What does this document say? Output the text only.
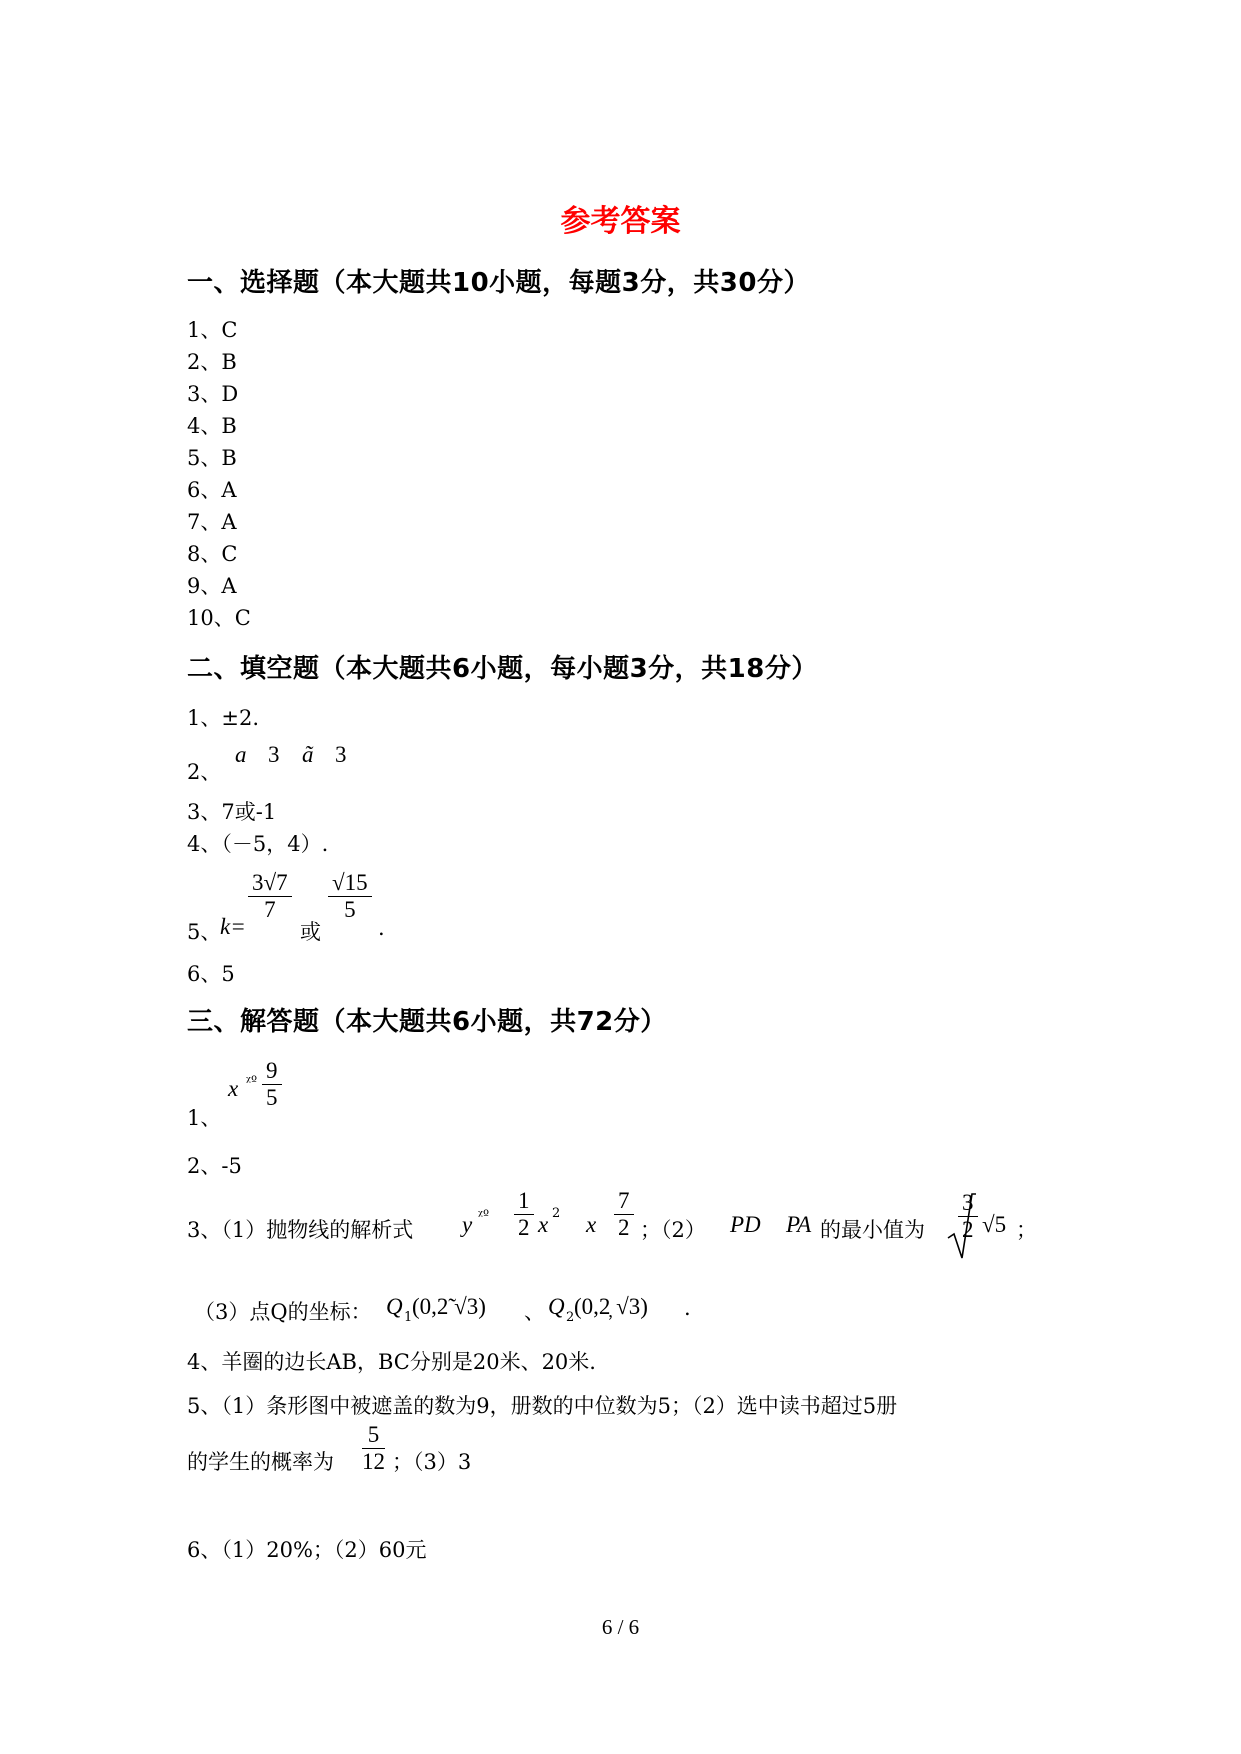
参考答案
一、选择题（本大题共10小题，每题3分，共30分）
1、C
2、B
3、D
4、B
5、B
6、A
7、A
8、C
9、A
10、C
二、填空题（本大题共6小题，每小题3分，共18分）
1、±2.
2、
a 3 ã 3
3、7或-1
4、（－5，4）.
5、
k=
3√7
7
或
√15
5
.
6、5
三、解答题（本大题共6小题，共72分）
1、
x ᵡº 9
5
2、-5
3、（1）抛物线的解析式 y ᵡº
1
2 x 2 x
7
2 ；（2） PD PA 的最小值为
3
2 √5 ；
（3）点Q的坐标： Q 1 (0,2̃ √3) 、 Q 2 (0,2̦ √3) .
4、羊圈的边长AB，BC分别是20米、20米.
5、（1）条形图中被遮盖的数为9，册数的中位数为5；（2）选中读书超过5册
的学生的概率为
5
12 ；（3）3
6、（1）20%；（2）60元
6 / 6
